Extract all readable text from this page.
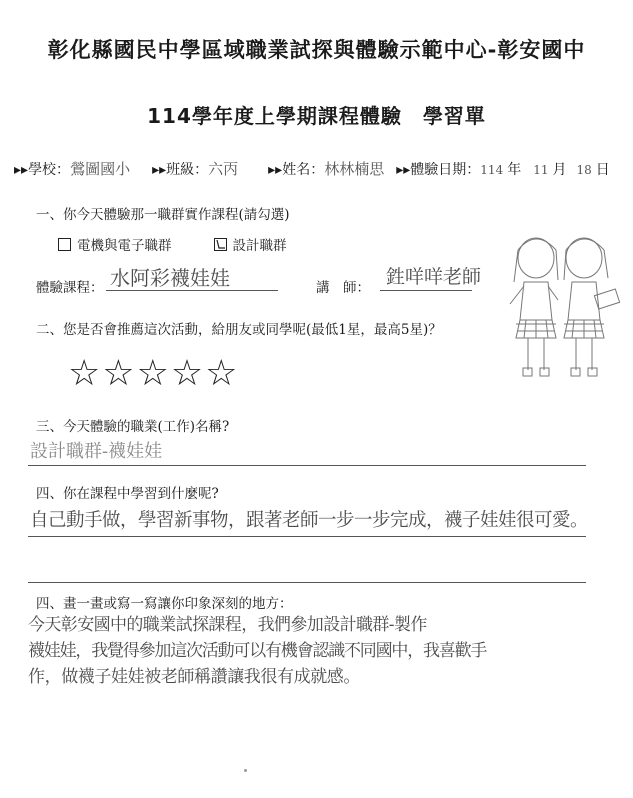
彰化縣國民中學區域職業試探與體驗示範中心-彰安國中
114學年度上學期課程體驗　學習單
▸▸ 學校： 鶯圖國小 ▸▸ 班級： 六丙 ▸▸ 姓名： 林林楠思 ▸▸ 體驗日期： 114 年 11 月 18 日
一、你今天體驗那一職群實作課程(請勾選)
電機與電子職群	設計職群
體驗課程： 水阿彩襪娃娃	講　師： 鉎咩咩老師
二、您是否會推薦這次活動，給朋友或同學呢(最低1星，最高5星)？
☆☆☆☆☆
三、今天體驗的職業(工作)名稱?
設計職群-襪娃娃
四、你在課程中學習到什麼呢?
自己動手做，學習新事物，跟著老師一步一步完成，襪子娃娃很可愛。
四、畫一畫或寫一寫讓你印象深刻的地方：
今天彰安國中的職業試探課程，我們參加設計職群-製作
襪娃娃，我覺得參加這次活動可以有機會認識不同國中，我喜歡手
作，做襪子娃娃被老師稱讚讓我很有成就感。
